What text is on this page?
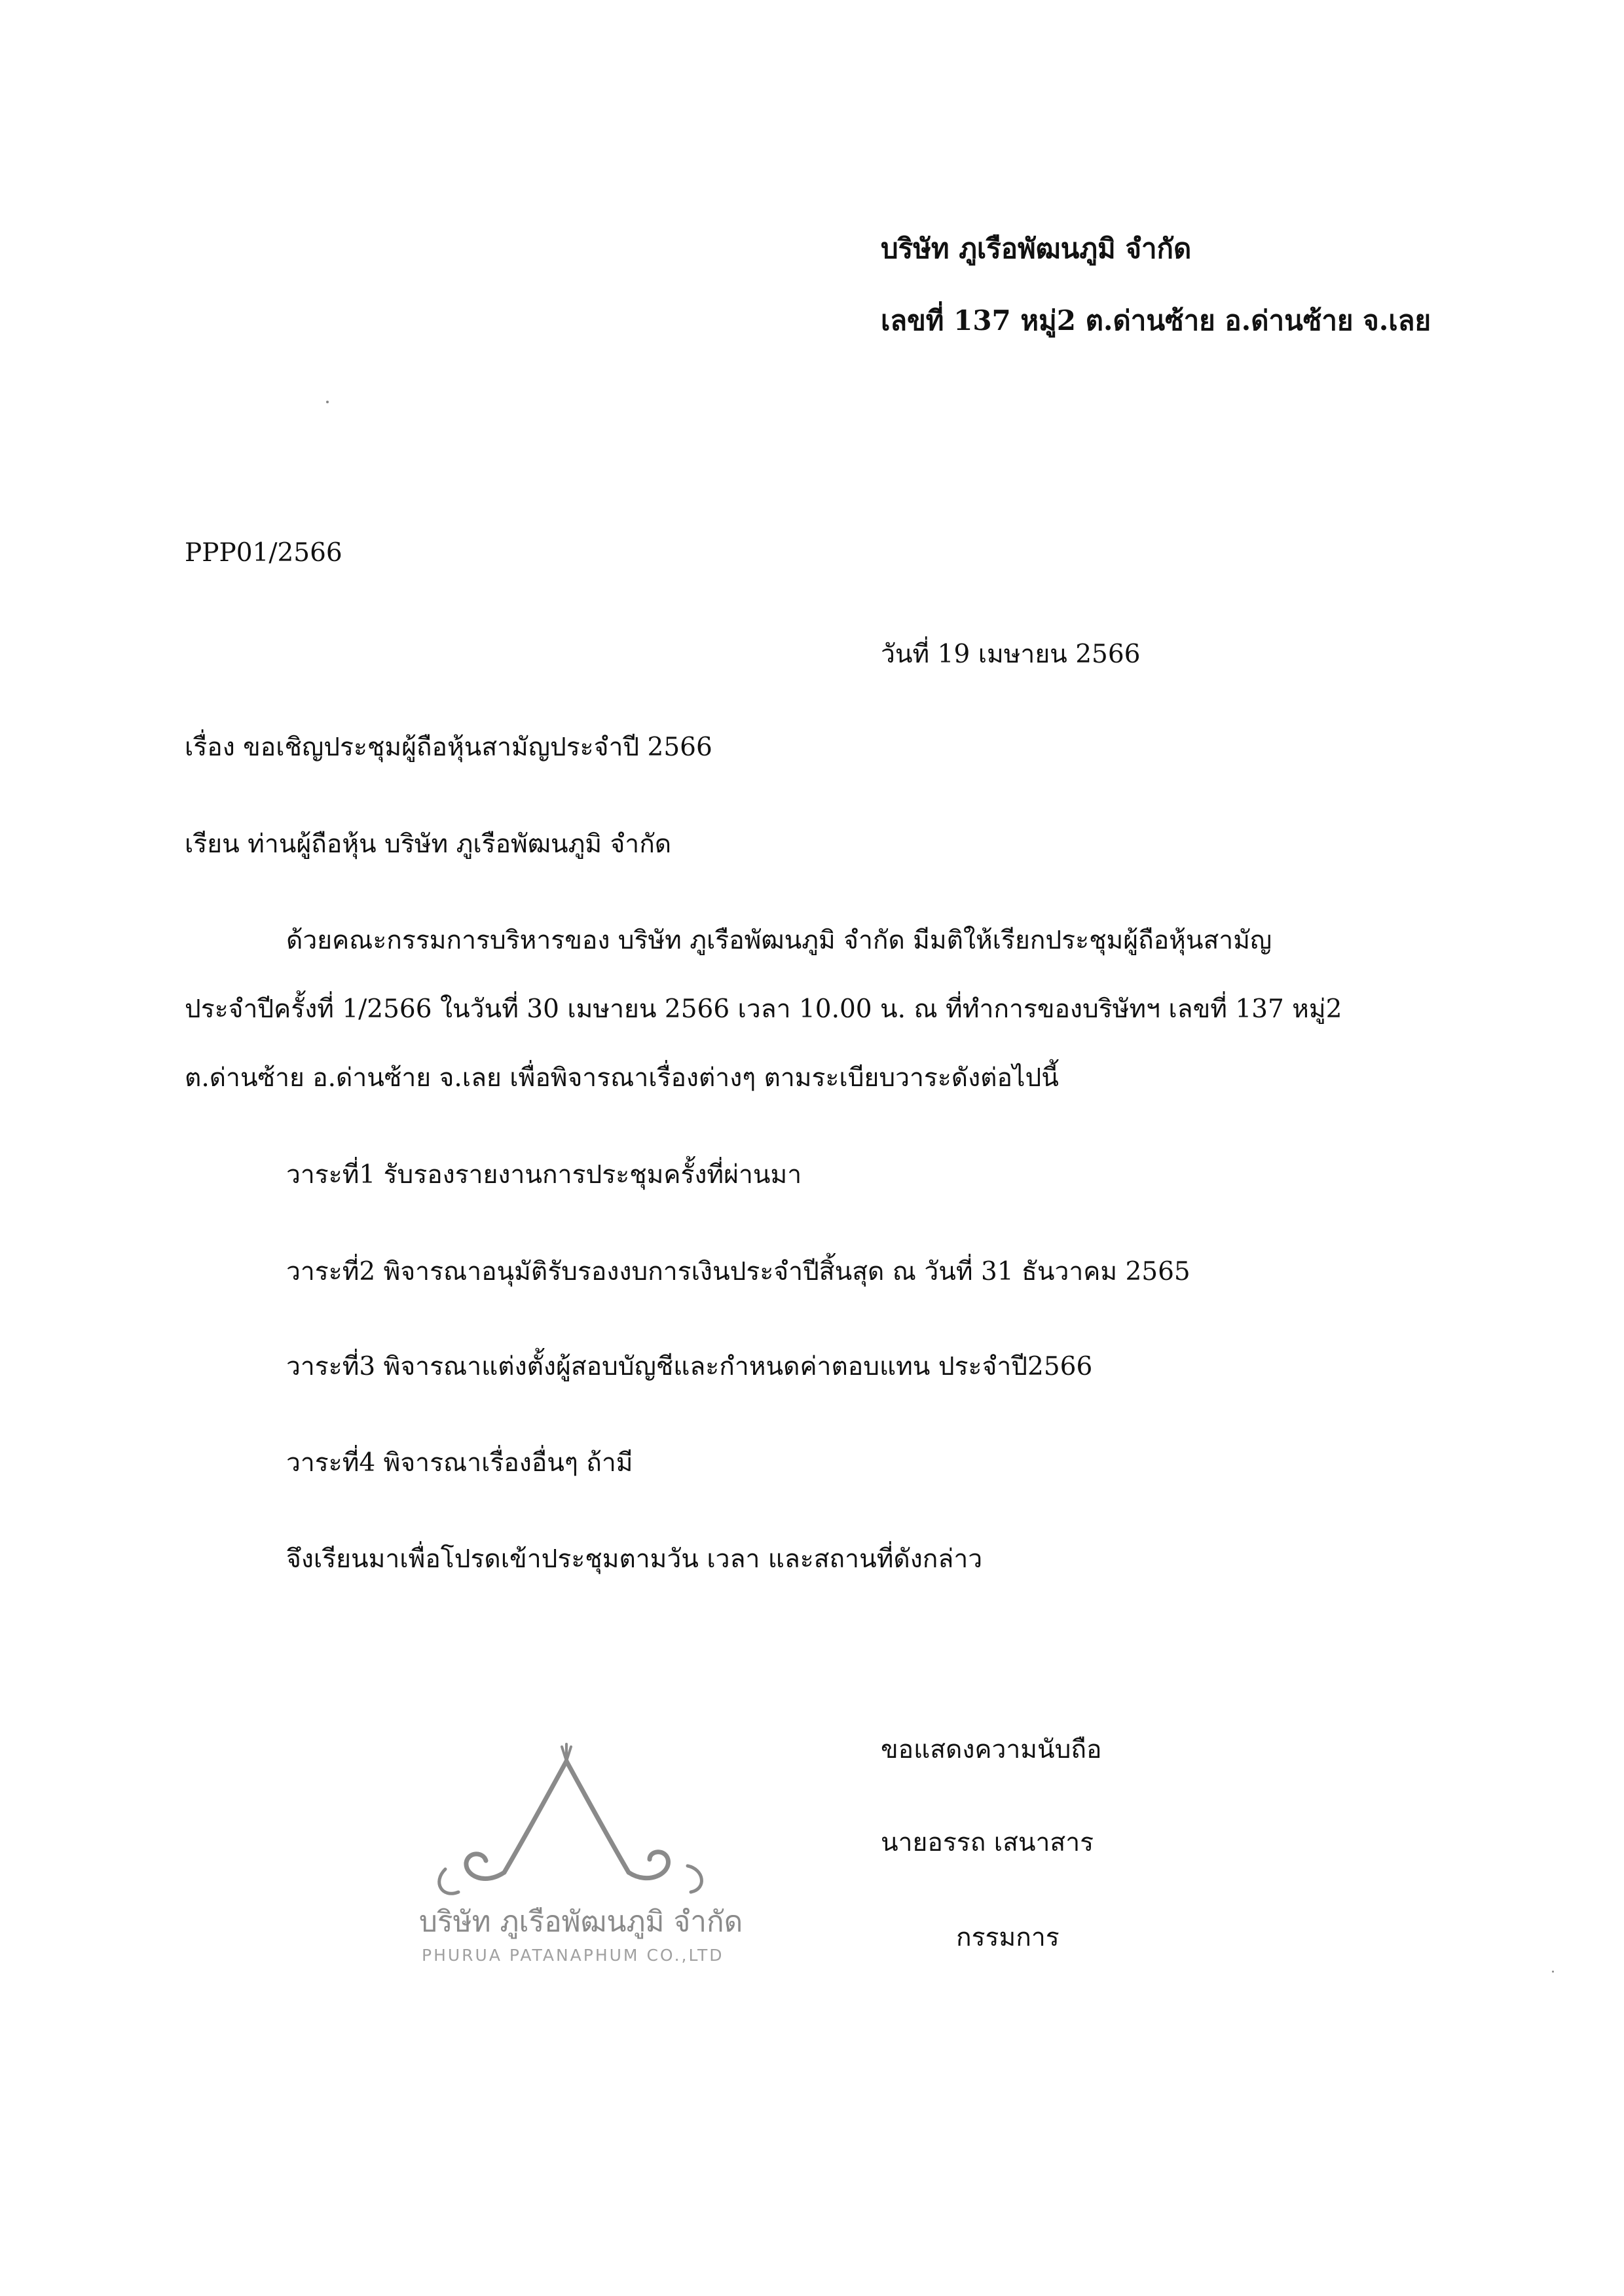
บริษัท ภูเรือพัฒนภูมิ จำกัด
เลขที่ 137 หมู่2 ต.ด่านซ้าย อ.ด่านซ้าย จ.เลย
PPP01/2566
วันที่ 19 เมษายน 2566
เรื่อง ขอเชิญประชุมผู้ถือหุ้นสามัญประจำปี 2566
เรียน ท่านผู้ถือหุ้น บริษัท ภูเรือพัฒนภูมิ จำกัด
ด้วยคณะกรรมการบริหารของ บริษัท ภูเรือพัฒนภูมิ จำกัด มีมติให้เรียกประชุมผู้ถือหุ้นสามัญ
ประจำปีครั้งที่ 1/2566 ในวันที่ 30 เมษายน 2566 เวลา 10.00 น. ณ ที่ทำการของบริษัทฯ เลขที่ 137 หมู่2
ต.ด่านซ้าย อ.ด่านซ้าย จ.เลย เพื่อพิจารณาเรื่องต่างๆ ตามระเบียบวาระดังต่อไปนี้
วาระที่1 รับรองรายงานการประชุมครั้งที่ผ่านมา
วาระที่2 พิจารณาอนุมัติรับรองงบการเงินประจำปีสิ้นสุด ณ วันที่ 31 ธันวาคม 2565
วาระที่3 พิจารณาแต่งตั้งผู้สอบบัญชีและกำหนดค่าตอบแทน ประจำปี2566
วาระที่4 พิจารณาเรื่องอื่นๆ ถ้ามี
จึงเรียนมาเพื่อโปรดเข้าประชุมตามวัน เวลา และสถานที่ดังกล่าว
ขอแสดงความนับถือ
นายอรรถ เสนาสาร
กรรมการ
บริษัท ภูเรือพัฒนภูมิ จำกัด
PHURUA PATANAPHUM CO.,LTD
